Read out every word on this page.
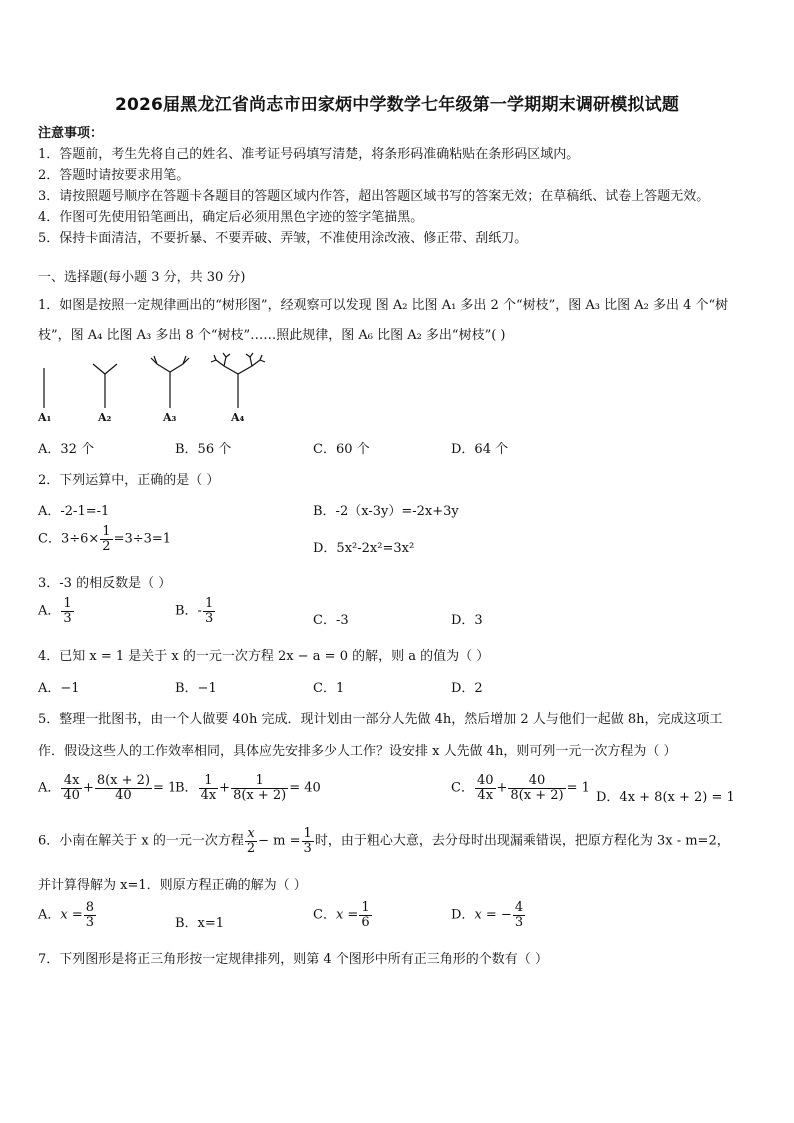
2026届黑龙江省尚志市田家炳中学数学七年级第一学期期末调研模拟试题
注意事项：
1．答题前，考生先将自己的姓名、准考证号码填写清楚，将条形码准确粘贴在条形码区域内。
2．答题时请按要求用笔。
3．请按照题号顺序在答题卡各题目的答题区域内作答，超出答题区域书写的答案无效；在草稿纸、试卷上答题无效。
4．作图可先使用铅笔画出，确定后必须用黑色字迹的签字笔描黑。
5．保持卡面清洁，不要折暴、不要弄破、弄皱，不准使用涂改液、修正带、刮纸刀。
一、选择题(每小题 3 分，共 30 分)
1．如图是按照一定规律画出的“树形图”，经观察可以发现 图 A₂ 比图 A₁ 多出 2 个“树枝”，图 A₃ 比图 A₂ 多出 4 个“树
枝”，图 A₄ 比图 A₃ 多出 8 个“树枝”……照此规律，图 A₆ 比图 A₂ 多出“树枝”( )
A₁	A₂	A₃	A₄
A．32 个	B．56 个	C．60 个	D．64 个
2．下列运算中，正确的是（ ）
A．-2-1=-1	B．-2（x-3y）=-2x+3y
C．$3\div 6\times \frac{1}{2} =3\div 3=1$
D．5x²-2x²=3x²
3．-3 的相反数是（ ）
A． $\frac{1}{3}$	B．- $\frac{1}{3}$	C．-3	D．3
4．已知 x = 1 是关于 x 的一元一次方程 2x − a = 0 的解，则 a 的值为（ ）
A．−1	B．−1	C．1	D．2
5．整理一批图书，由一个人做要 40h 完成．现计划由一部分人先做 4h，然后增加 2 人与他们一起做 8h，完成这项工
作．假设这些人的工作效率相同，具体应先安排多少人工作？设安排 x 人先做 4h，则可列一元一次方程为（ ）
A． $\frac{4x}{40} + \frac{8(x + 2)}{40} = 1$
B． $\frac{1}{4x} + \frac{1}{8(x + 2)} = 40$	C． $\frac{40}{4x} + \frac{40}{8(x + 2)} = 1$
D．4x + 8(x + 2) = 1
6．小南在解关于 x 的一元一次方程 $\frac{x}{2} - m = \frac{1}{3}$ 时，由于粗心大意，去分母时出现漏乘错误，把原方程化为 3x - m=2，
并计算得解为 x=1．则原方程正确的解为（ ）
A．$x = \frac{8}{3}$	B．x=1
C．$x = \frac{1}{6}$	D．x = − $\frac{4}{3}$
7．下列图形是将正三角形按一定规律排列，则第 4 个图形中所有正三角形的个数有（ ）
